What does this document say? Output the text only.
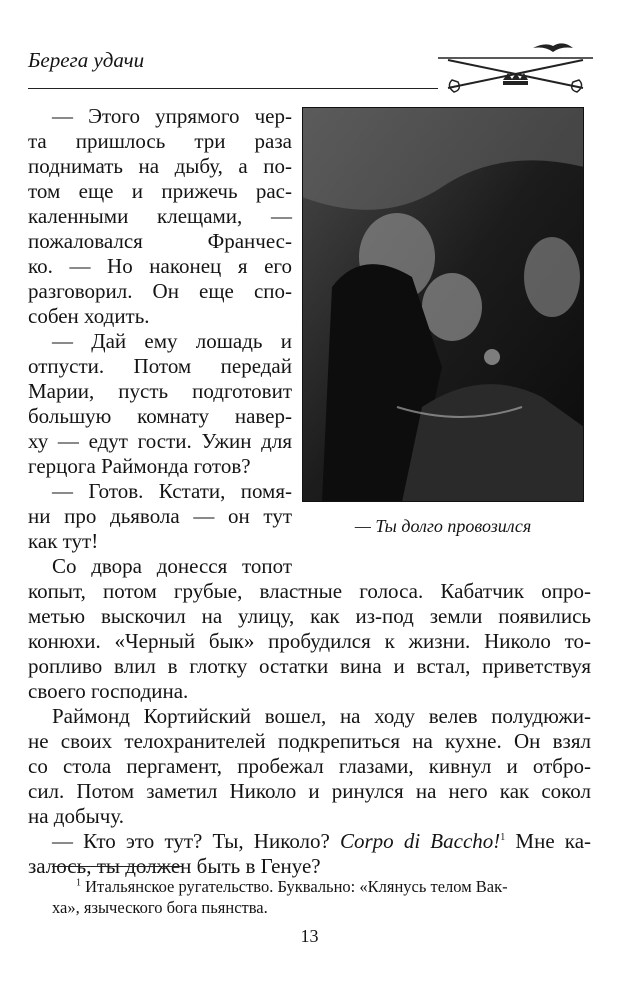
Берега удачи
— Ты долго провозился
— Этого упрямого чер-
та пришлось три раза
поднимать на дыбу, а по-
том еще и прижечь рас-
каленными клещами, —
пожаловался Франчес-
ко. — Но наконец я его
разговорил. Он еще спо-
собен ходить.
— Дай ему лошадь и
отпусти. Потом передай
Марии, пусть подготовит
большую комнату навер-
ху — едут гости. Ужин для
герцога Раймонда готов?
— Готов. Кстати, помя-
ни про дьявола — он тут
как тут!
Со двора донесся топот
копыт, потом грубые, властные голоса. Кабатчик опро-
метью выскочил на улицу, как из-под земли появились
конюхи. «Черный бык» пробудился к жизни. Николо то-
ропливо влил в глотку остатки вина и встал, приветствуя
своего господина.
Раймонд Кортийский вошел, на ходу велев полудюжи-
не своих телохранителей подкрепиться на кухне. Он взял
со стола пергамент, пробежал глазами, кивнул и отбро-
сил. Потом заметил Николо и ринулся на него как сокол
на добычу.
— Кто это тут? Ты, Николо? Corpo di Bacchо!$^1$ Мне ка-
залось, ты должен быть в Генуе?
$^1$ Итальянское ругательство. Буквально: «Клянусь телом Вак-
ха», языческого бога пьянства.
13
